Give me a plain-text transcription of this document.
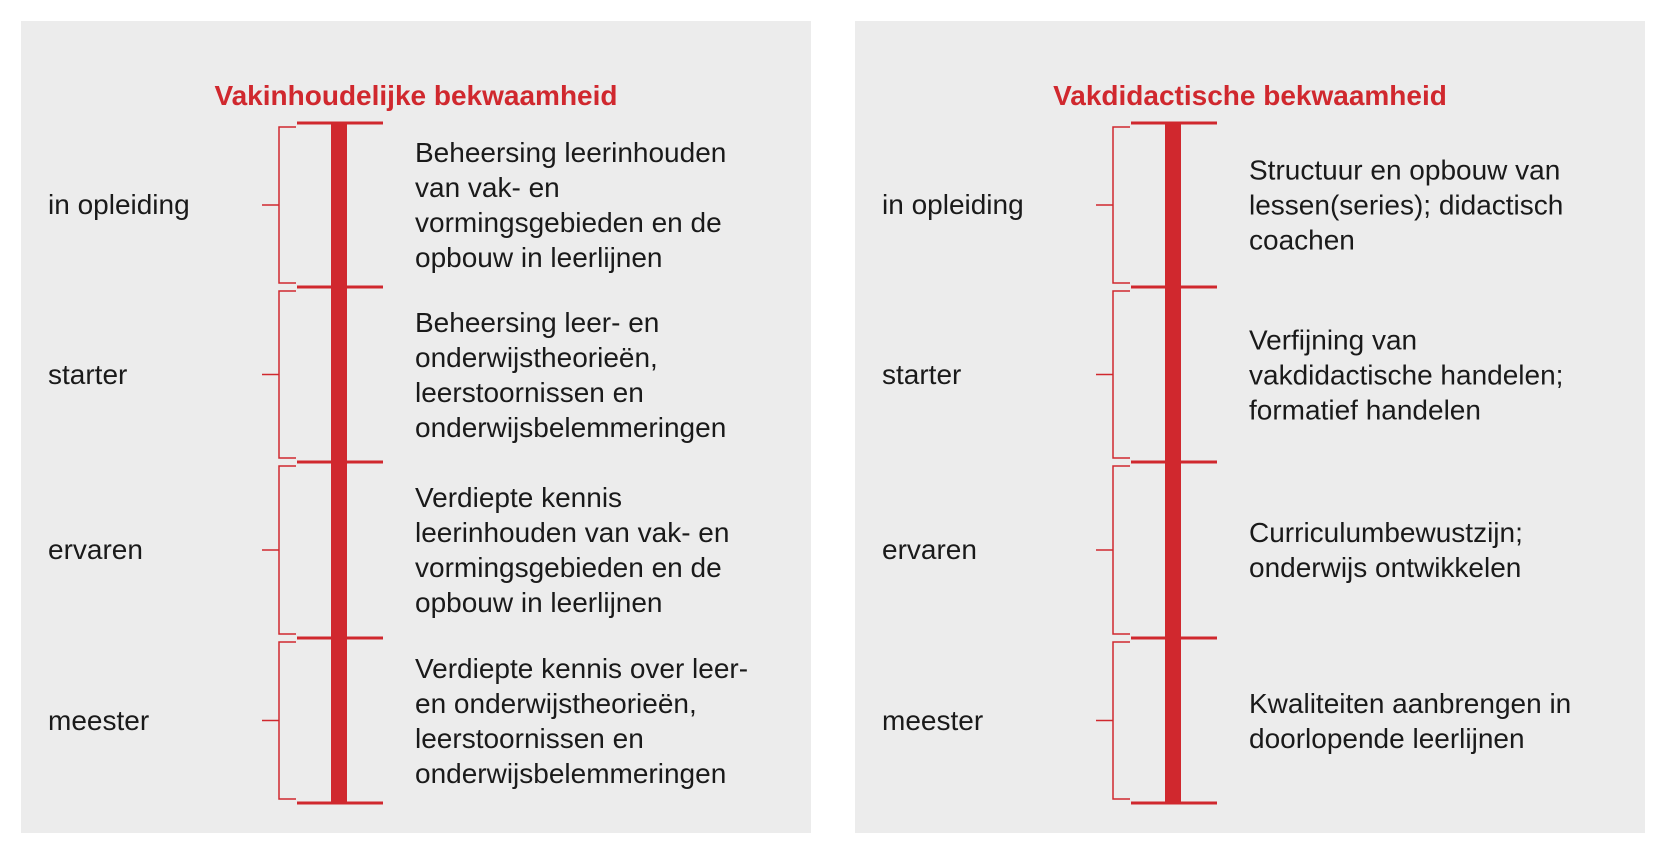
Vakinhoudelijke bekwaamheid
in opleiding
Beheersing leerinhouden
van vak- en
vormingsgebieden en de
opbouw in leerlijnen
starter
Beheersing leer- en
onderwijstheorieën,
leerstoornissen en
onderwijsbelemmeringen
ervaren
Verdiepte kennis
leerinhouden van vak- en
vormingsgebieden en de
opbouw in leerlijnen
meester
Verdiepte kennis over leer-
en onderwijstheorieën,
leerstoornissen en
onderwijsbelemmeringen
Vakdidactische bekwaamheid
in opleiding
Structuur en opbouw van
lessen(series); didactisch
coachen
starter
Verfijning van
vakdidactische handelen;
formatief handelen
ervaren
Curriculumbewustzijn;
onderwijs ontwikkelen
meester
Kwaliteiten aanbrengen in
doorlopende leerlijnen
